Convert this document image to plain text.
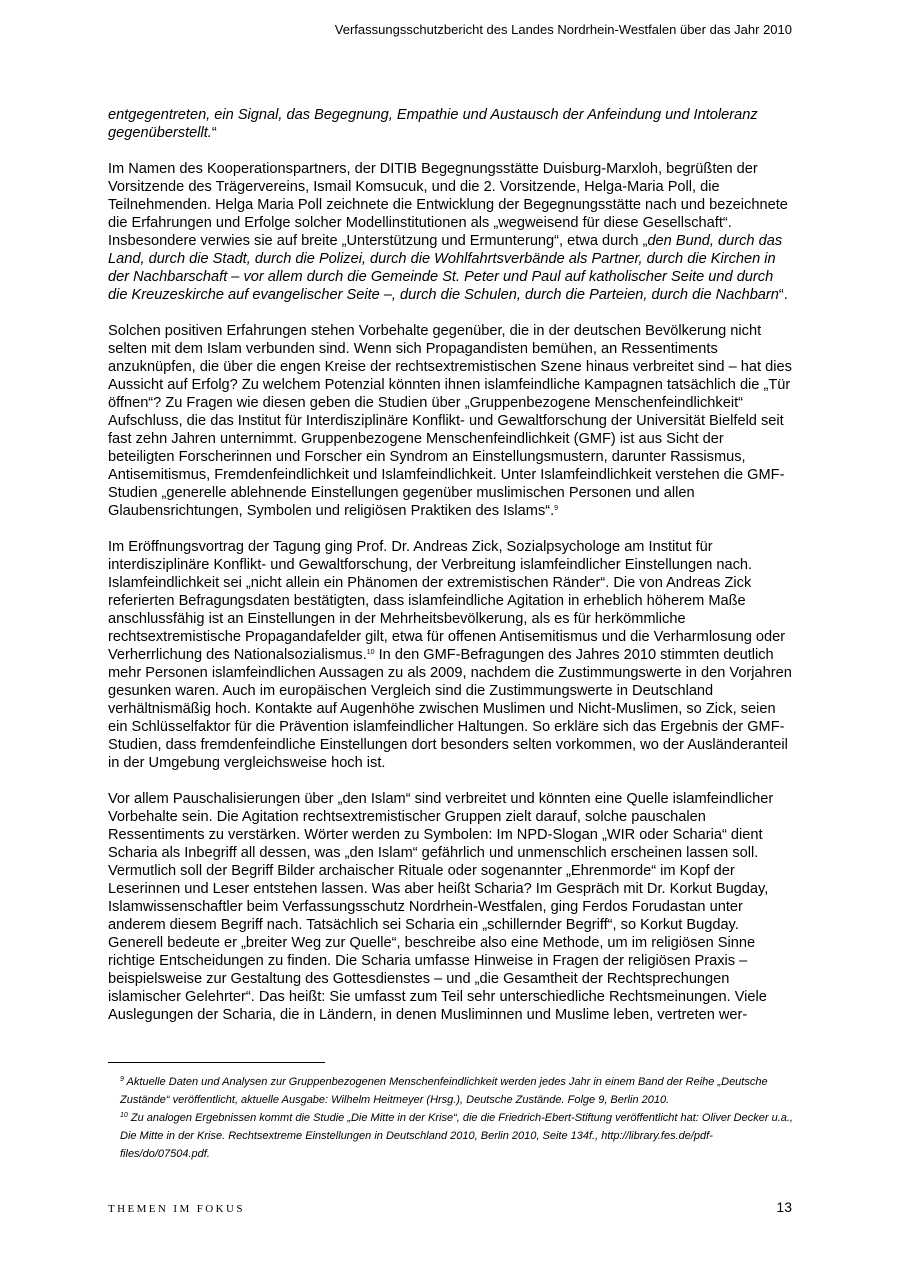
Verfassungsschutzbericht des Landes Nordrhein-Westfalen über das Jahr 2010

entgegentreten, ein Signal, das Begegnung, Empathie und Austausch der Anfeindung und Intoleranz gegenüberstellt.“

Im Namen des Kooperationspartners, der DITIB Begegnungsstätte Duisburg-Marxloh, begrüßten der Vorsitzende des Trägervereins, Ismail Komsucuk, und die 2. Vorsitzende, Helga-Maria Poll, die Teilnehmenden. Helga Maria Poll zeichnete die Entwicklung der Begegnungsstätte nach und bezeichnete die Erfahrungen und Erfolge solcher Modellinstitutionen als „wegweisend für diese Gesellschaft“. Insbesondere verwies sie auf breite „Unterstützung und Ermunterung“, etwa durch „den Bund, durch das Land, durch die Stadt, durch die Polizei, durch die Wohlfahrtsverbände als Partner, durch die Kirchen in der Nachbarschaft – vor allem durch die Gemeinde St. Peter und Paul auf katholischer Seite und durch die Kreuzeskirche auf evangelischer Seite –, durch die Schulen, durch die Parteien, durch die Nachbarn“.

Solchen positiven Erfahrungen stehen Vorbehalte gegenüber, die in der deutschen Bevölkerung nicht selten mit dem Islam verbunden sind. Wenn sich Propagandisten bemühen, an Ressentiments anzuknüpfen, die über die engen Kreise der rechtsextremistischen Szene hinaus verbreitet sind – hat dies Aussicht auf Erfolg? Zu welchem Potenzial könnten ihnen islamfeindliche Kampagnen tatsächlich die „Tür öffnen“? Zu Fragen wie diesen geben die Studien über „Gruppenbezogene Menschenfeindlichkeit“ Aufschluss, die das Institut für Interdisziplinäre Konflikt- und Gewaltforschung der Universität Bielfeld seit fast zehn Jahren unternimmt. Gruppenbezogene Menschenfeindlichkeit (GMF) ist aus Sicht der beteiligten Forscherinnen und Forscher ein Syndrom an Einstellungsmustern, darunter Rassismus, Antisemitismus, Fremdenfeindlichkeit und Islamfeindlichkeit. Unter Islamfeindlichkeit verstehen die GMF-Studien „generelle ablehnende Einstellungen gegenüber muslimischen Personen und allen Glaubensrichtungen, Symbolen und religiösen Praktiken des Islams“.$^9$

Im Eröffnungsvortrag der Tagung ging Prof. Dr. Andreas Zick, Sozialpsychologe am Institut für interdisziplinäre Konflikt- und Gewaltforschung, der Verbreitung islamfeindlicher Einstellungen nach. Islamfeindlichkeit sei „nicht allein ein Phänomen der extremistischen Ränder“. Die von Andreas Zick referierten Befragungsdaten bestätigten, dass islamfeindliche Agitation in erheblich höherem Maße anschlussfähig ist an Einstellungen in der Mehrheitsbevölkerung, als es für herkömmliche rechtsextremistische Propagandafelder gilt, etwa für offenen Antisemitismus und die Verharmlosung oder Verherrlichung des Nationalsozialismus.$^{10}$ In den GMF-Befragungen des Jahres 2010 stimmten deutlich mehr Personen islamfeindlichen Aussagen zu als 2009, nachdem die Zustimmungswerte in den Vorjahren gesunken waren. Auch im europäischen Vergleich sind die Zustimmungswerte in Deutschland verhältnismäßig hoch. Kontakte auf Augenhöhe zwischen Muslimen und Nicht-Muslimen, so Zick, seien ein Schlüsselfaktor für die Prävention islamfeindlicher Haltungen. So erkläre sich das Ergebnis der GMF-Studien, dass fremdenfeindliche Einstellungen dort besonders selten vorkommen, wo der Ausländeranteil in der Umgebung vergleichsweise hoch ist.

Vor allem Pauschalisierungen über „den Islam“ sind verbreitet und könnten eine Quelle islamfeindlicher Vorbehalte sein. Die Agitation rechtsextremistischer Gruppen zielt darauf, solche pauschalen Ressentiments zu verstärken. Wörter werden zu Symbolen: Im NPD-Slogan „WIR oder Scharia“ dient Scharia als Inbegriff all dessen, was „den Islam“ gefährlich und unmenschlich erscheinen lassen soll. Vermutlich soll der Begriff Bilder archaischer Rituale oder sogenannter „Ehrenmorde“ im Kopf der Leserinnen und Leser entstehen lassen. Was aber heißt Scharia? Im Gespräch mit Dr. Korkut Bugday, Islamwissenschaftler beim Verfassungsschutz Nordrhein-Westfalen, ging Ferdos Forudastan unter anderem diesem Begriff nach. Tatsächlich sei Scharia ein „schillernder Begriff“, so Korkut Bugday. Generell bedeute er „breiter Weg zur Quelle“, beschreibe also eine Methode, um im religiösen Sinne richtige Entscheidungen zu finden. Die Scharia umfasse Hinweise in Fragen der religiösen Praxis – beispielsweise zur Gestaltung des Gottesdienstes – und „die Gesamtheit der Rechtsprechungen islamischer Gelehrter“. Das heißt: Sie umfasst zum Teil sehr unterschiedliche Rechtsmeinungen. Viele Auslegungen der Scharia, die in Ländern, in denen Musliminnen und Muslime leben, vertreten wer-

$^9$ Aktuelle Daten und Analysen zur Gruppenbezogenen Menschenfeindlichkeit werden jedes Jahr in einem Band der Reihe „Deutsche Zustände“ veröffentlicht, aktuelle Ausgabe: Wilhelm Heitmeyer (Hrsg.), Deutsche Zustände. Folge 9, Berlin 2010.
$^{10}$ Zu analogen Ergebnissen kommt die Studie „Die Mitte in der Krise“, die die Friedrich-Ebert-Stiftung veröffentlicht hat: Oliver Decker u.a., Die Mitte in der Krise. Rechtsextreme Einstellungen in Deutschland 2010, Berlin 2010, Seite 134f., http://library.fes.de/pdf-files/do/07504.pdf.
THEMEN IM FOKUS	13
